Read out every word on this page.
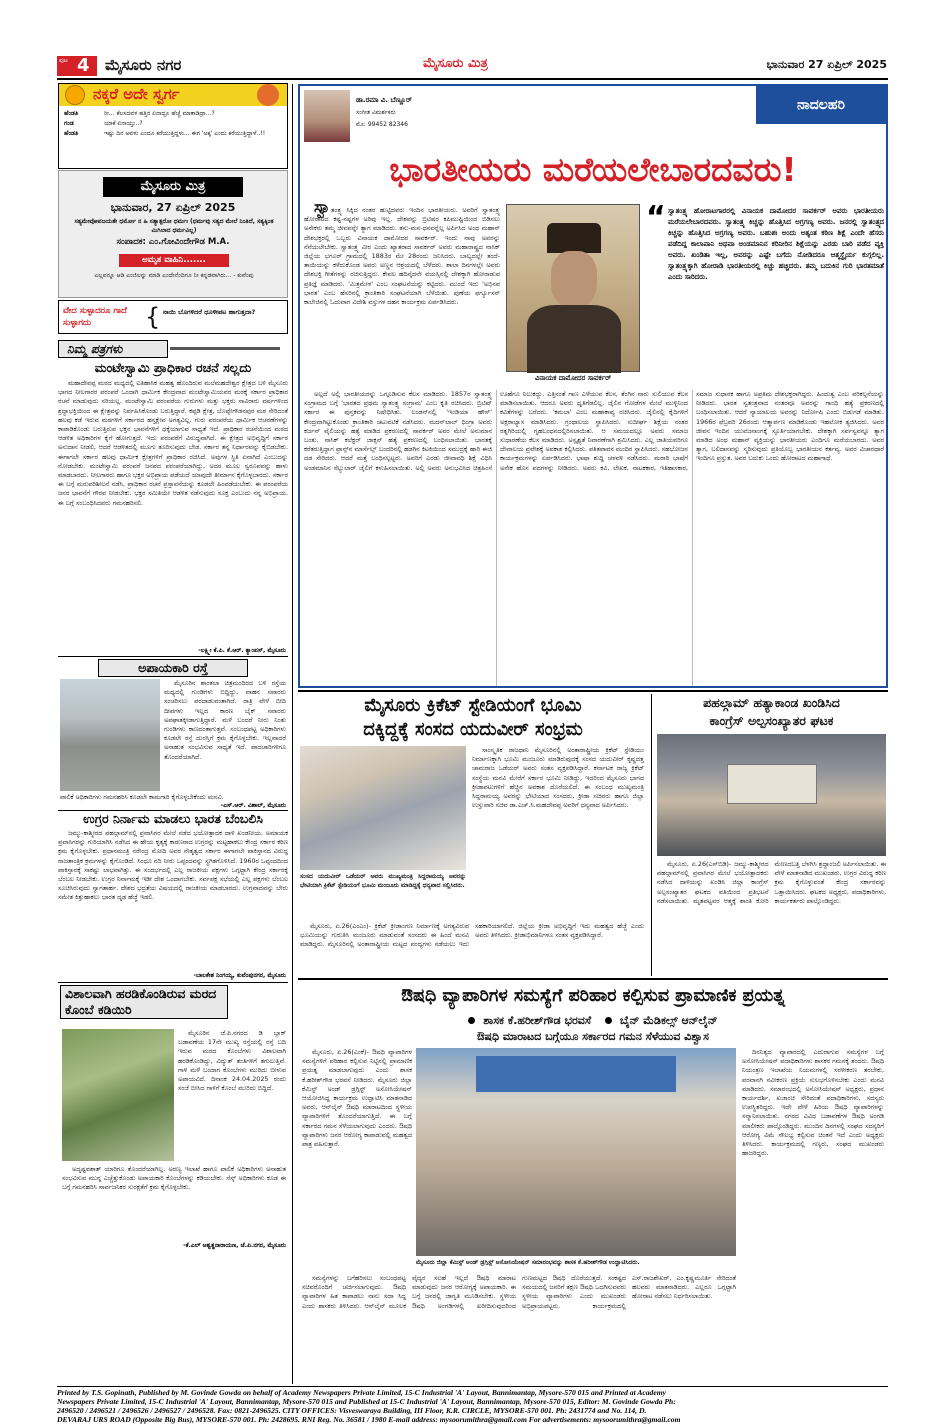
ಪುಟ 4 ಮೈಸೂರು ನಗರ	ಮೈಸೂರು ಮಿತ್ರ	ಭಾನುವಾರ 27 ಏಪ್ರಿಲ್ 2025
ನಕ್ಕರೆ ಅದೇ ಸ್ವರ್ಗ
ಹೆಂಡತಿ	ರೀ... ಕೆಲಸದವಳ ಹತ್ತಿರ ಏನಾದ್ರೂ ಹೆಚ್ಚೆ ಮಾತಾಡಿದ್ರಾ...?
ಗಂಡ	ಯಾಕೆ ಏನಾಯ್ತು..?
ಹೆಂಡತಿ	ಇಷ್ಟು ದಿನ ಅವಳು ಎಂದೂ ಕರೆಯುತ್ತಿದ್ದಳು... ಈಗ 'ಅಕ್ಕ' ಎಂದು ಕರೆಯುತ್ತಿದ್ದಾಳೆ..!!
ಮೈಸೂರು ಮಿತ್ರ
ಭಾನುವಾರ, 27 ಏಪ್ರಿಲ್ 2025
ಸತ್ಯಮೇವೋಪಜಯತೇ ಧರ್ಮೋ ನ ಹಿ ಸತ್ಯಾತ್ಪರೋ ಧರ್ಮಃ (ಧರ್ಮವು ಸತ್ಯದ ಮೇಲೆ ನಿಂತಿದೆ, ಸತ್ಯಕ್ಕಿಂತ ಮಿಗಿಲಾದ ಧರ್ಮವಿಲ್ಲ)
ಸಂಪಾದಕ: ಎಂ.ಗೋವಿಂದೇಗೌಡ M.A.
ಅಮೃತ ವಾಹಿನಿ.......
ಎಲ್ಲವನ್ನೂ ಆಡಿ ಎಂಜಿಲನ್ನು ಮಾಡಿ ಎಂದೇನೆಂದಿಗೂ ನೀ ಕನ್ನಡವಾಗಿರು... - ಕುವೆಂಪು
ವೇದ ಸುಳ್ಳಾದರೂ ಗಾದೆ ಸುಳ್ಳಾಗದು	{ ನಾಯಿ ಬೊಗಳಿದರೆ ಧೂಳೀಪಟ ಹಾಗುತ್ತದಾ?
ನಿಮ್ಮ ಪತ್ರಗಳು
ಮಂಟೇಸ್ವಾಮಿ ಪ್ರಾಧಿಕಾರ ರಚನೆ ಸಲ್ಲದು

ಮಹಾದೇವಪ್ಪ ಮಠದ ಮಧ್ಯದಲ್ಲಿ ಐತಿಹಾಸಿಕ ಮಹತ್ವ ಹೊಂದಿರುವ ಮಲೆಮಹದೇಶ್ವರ ಕ್ಷೇತ್ರದ ಬಳಿ ಮೈಸೂರು ಭಾಗದ ನೀಲಗಾರರ ಪರಂಪರೆ ಒಂದಾಗಿ ಧಾರ್ಮಿಕ ಕೇಂದ್ರವಾದ ಮಂಟೇಸ್ವಾಮಿಯವರ ಮಠಕ್ಕೆ ಸರ್ಕಾರ ಪ್ರಾಧಿಕಾರ ರಚನೆ ಮಾಡುವುದು ಸರಿಯಲ್ಲ. ಮಂಟೇಸ್ವಾಮಿ ಪರಂಪರೆಯ ಗುರುಗಳು ಮತ್ತು ಭಕ್ತರು ಸಾವಿರಾರು ವರ್ಷಗಳಿಂದ ಶ್ರದ್ಧಾಭಕ್ತಿಯಿಂದ ಈ ಕ್ಷೇತ್ರವನ್ನು ನಿರ್ವಹಿಸಿಕೊಂಡು ಬರುತ್ತಿದ್ದಾರೆ. ಕಪ್ಪಡಿ ಕ್ಷೇತ್ರ, ಬೊಪ್ಪೇಗೌಡನಪುರ ಮಠ ಸೇರಿದಂತೆ ಹಲವು ಕಡೆ ಇರುವ ಮಠಗಳಿಗೆ ಸರ್ಕಾರದ ಹಸ್ತಕ್ಷೇಪ ಅಗತ್ಯವಿಲ್ಲ. ಗುರು ಪರಂಪರೆಯ ಧಾರ್ಮಿಕ ಆಚರಣೆಗಳನ್ನು ಕಾಪಾಡಿಕೊಂಡು ಬರುತ್ತಿರುವ ಭಕ್ತರ ಭಾವನೆಗಳಿಗೆ ಧಕ್ಕೆಯಾಗುವ ಸಾಧ್ಯತೆ ಇದೆ. ಪ್ರಾಧಿಕಾರ ರಚನೆಯಿಂದ ಮಠದ ಆಡಳಿತ ಅಧಿಕಾರಿಗಳ ಕೈಗೆ ಹೋಗುತ್ತದೆ. ಇದು ಪರಂಪರೆಗೆ ವಿರುದ್ಧವಾಗಿದೆ. ಈ ಕ್ಷೇತ್ರದ ಅಭಿವೃದ್ಧಿಗೆ ಸರ್ಕಾರ ಅನುದಾನ ನೀಡಲಿ, ಆದರೆ ಆಡಳಿತದಲ್ಲಿ ಮೂಗು ತೂರಿಸುವುದು ಬೇಡ. ಸರ್ಕಾರ ತನ್ನ ನಿರ್ಧಾರವನ್ನು ಕೈಬಿಡಬೇಕು. ಈಗಾಗಲೇ ಸರ್ಕಾರ ಹಲವು ಧಾರ್ಮಿಕ ಕ್ಷೇತ್ರಗಳಿಗೆ ಪ್ರಾಧಿಕಾರ ರಚಿಸಿದೆ. ಅವುಗಳ ಸ್ಥಿತಿ ಏನಾಗಿದೆ ಎಂಬುದನ್ನು ನೋಡಬೇಕು. ಮಂಟೇಸ್ವಾಮಿ ಪರಂಪರೆ ಜನಪದ ಪರಂಪರೆಯಾಗಿದ್ದು, ಅದರ ಮೂಲ ಸ್ವರೂಪವನ್ನು ಹಾಳು ಮಾಡಬಾರದು. ನೀಲಗಾರರು ಹಾಗೂ ಭಕ್ತರ ಅಭಿಪ್ರಾಯ ಪಡೆಯದೆ ಯಾವುದೇ ತೀರ್ಮಾನ ಕೈಗೊಳ್ಳಬಾರದು. ಸರ್ಕಾರ ಈ ಬಗ್ಗೆ ಮರುಪರಿಶೀಲನೆ ನಡೆಸಿ, ಪ್ರಾಧಿಕಾರ ರಚನೆ ಪ್ರಸ್ತಾವನೆಯನ್ನು ಕೂಡಲೇ ಹಿಂಪಡೆಯಬೇಕು. ಈ ಪರಂಪರೆಯ ಜನರ ಭಾವನೆಗೆ ಗೌರವ ನೀಡಬೇಕು. ಭಕ್ತರ ಸಮಿತಿಯೇ ಆಡಳಿತ ನಡೆಸುವುದು ಸೂಕ್ತ ಎಂಬುದು ನನ್ನ ಅಭಿಪ್ರಾಯ. ಈ ಬಗ್ಗೆ ಸಂಬಂಧಿಸಿದವರು ಗಮನಹರಿಸಲಿ.

-ಲಕ್ಷ್ಮೀ ಕೆ.ಪಿ. ಕೆ.ಆರ್. ಕ್ಯಾಂಪಸ್, ಮೈಸೂರು
ಅಪಾಯಕಾರಿ ರಸ್ತೆ

ಮೈಸೂರಿನ ಶಾಂತಲಾ ಚಿತ್ರಮಂದಿರದ ಬಳಿ ರಸ್ತೆಯ ಮಧ್ಯದಲ್ಲಿ ಗುಂಡಿಗಳು ಬಿದ್ದಿದ್ದು, ವಾಹನ ಸವಾರರು ಸಂಚರಿಸಲು ಪರದಾಡುವಂತಾಗಿದೆ. ರಾತ್ರಿ ವೇಳೆ ಬೀದಿ ದೀಪಗಳು ಇಲ್ಲದ ಕಾರಣ ಬೈಕ್ ಸವಾರರು ಅಪಘಾತಕ್ಕೀಡಾಗುತ್ತಿದ್ದಾರೆ. ಮಳೆ ಬಂದರೆ ನೀರು ನಿಂತು ಗುಂಡಿಗಳು ಕಾಣದಂತಾಗುತ್ತವೆ. ಸಂಬಂಧಪಟ್ಟ ಅಧಿಕಾರಿಗಳು ಕೂಡಲೇ ರಸ್ತೆ ದುರಸ್ತಿಗೆ ಕ್ರಮ ಕೈಗೊಳ್ಳಬೇಕು. ಇಲ್ಲವಾದರೆ ಅನಾಹುತ ಸಂಭವಿಸುವ ಸಾಧ್ಯತೆ ಇದೆ. ಪಾದಚಾರಿಗಳಿಗೂ ತೊಂದರೆಯಾಗಿದೆ.

ಪಾಲಿಕೆ ಅಧಿಕಾರಿಗಳು ಗಮನಹರಿಸಿ ಕೂಡಲೇ ಕಾಮಗಾರಿ ಕೈಗೊಳ್ಳಬೇಕೆಂದು ಮನವಿ.
-ಎಸ್.ಆರ್. ವಿಶಾಲ್, ಮೈಸೂರು
ಉಗ್ರರ ನಿರ್ನಾಮ ಮಾಡಲು ಭಾರತ ಬೆಂಬಲಿಸಿ

ಜಮ್ಮು-ಕಾಶ್ಮೀರದ ಪಹಲ್ಗಾಮ್‌ನಲ್ಲಿ ಪ್ರವಾಸಿಗರ ಮೇಲೆ ನಡೆದ ಭಯೋತ್ಪಾದಕ ದಾಳಿ ಖಂಡನೀಯ. ಅಮಾಯಕ ಪ್ರವಾಸಿಗರನ್ನು ಗುರಿಯಾಗಿಸಿ ನಡೆಸಿದ ಈ ಹೇಯ ಕೃತ್ಯಕ್ಕೆ ಕಾರಣರಾದ ಉಗ್ರರನ್ನು ಮಟ್ಟಹಾಕಲು ಕೇಂದ್ರ ಸರ್ಕಾರ ಕಠಿಣ ಕ್ರಮ ಕೈಗೊಳ್ಳಬೇಕು. ಪ್ರಧಾನಮಂತ್ರಿ ನರೇಂದ್ರ ಮೋದಿ ಅವರ ನೇತೃತ್ವದ ಸರ್ಕಾರ ಈಗಾಗಲೇ ಪಾಕಿಸ್ತಾನದ ವಿರುದ್ಧ ರಾಜತಾಂತ್ರಿಕ ಕ್ರಮಗಳನ್ನು ಕೈಗೊಂಡಿದೆ. ಸಿಂಧೂ ನದಿ ನೀರು ಒಪ್ಪಂದವನ್ನು ಸ್ಥಗಿತಗೊಳಿಸಿದೆ. 1960ರ ಒಪ್ಪಂದದಿಂದ ಪಾಕಿಸ್ತಾನಕ್ಕೆ ಸಾಕಷ್ಟು ಲಾಭವಾಗಿತ್ತು. ಈ ಸಂದರ್ಭದಲ್ಲಿ ಎಲ್ಲ ರಾಜಕೀಯ ಪಕ್ಷಗಳು ಒಗ್ಗಟ್ಟಾಗಿ ಕೇಂದ್ರ ಸರ್ಕಾರಕ್ಕೆ ಬೆಂಬಲ ನೀಡಬೇಕು. ಉಗ್ರರ ನಿರ್ನಾಮಕ್ಕೆ ಇಡೀ ದೇಶ ಒಂದಾಗಬೇಕು. ಸರ್ವಪಕ್ಷ ಸಭೆಯಲ್ಲಿ ಎಲ್ಲ ಪಕ್ಷಗಳು ಬೆಂಬಲ ಸೂಚಿಸಿರುವುದು ಸ್ವಾಗತಾರ್ಹ. ದೇಶದ ಭದ್ರತೆಯ ವಿಷಯದಲ್ಲಿ ರಾಜಕೀಯ ಮಾಡಬಾರದು. ಉಗ್ರವಾದವನ್ನು ಬೇರು ಸಮೇತ ಕಿತ್ತುಹಾಕಲು ಭಾರತ ದೃಢ ಹೆಜ್ಜೆ ಇಡಲಿ.

-ಬಾಲಕೇಶ ನಿಂಗಯ್ಯ, ಕುವೆಂಪುನಗರ, ಮೈಸೂರು
ವಿಶಾಲವಾಗಿ ಹರಡಿಕೊಂಡಿರುವ ಮರದ ಕೊಂಬೆ ಕಡಿಯಿರಿ

ಮೈಸೂರಿನ ಜೆ.ಪಿ.ನಗರದ ಡಿ ಬ್ಲಾಕ್ ಬಡಾವಣೆಯ 17ನೇ ಮುಖ್ಯ ರಸ್ತೆಯಲ್ಲಿ ರಸ್ತೆ ಬದಿ ಇರುವ ಮರದ ಕೊಂಬೆಗಳು ವಿಶಾಲವಾಗಿ ಹರಡಿಕೊಂಡಿದ್ದು, ವಿದ್ಯುತ್ ತಂತಿಗಳಿಗೆ ತಗುಲುತ್ತಿವೆ. ಗಾಳಿ ಮಳೆ ಬಂದಾಗ ಕೊಂಬೆಗಳು ಮುರಿದು ಬೀಳುವ ಅಪಾಯವಿದೆ. ದಿನಾಂಕ 24.04.2025 ರಂದು ಸಂಜೆ ಬೀಸಿದ ಗಾಳಿಗೆ ಕೊಂಬೆ ಮುರಿದು ಬಿದ್ದಿದೆ.

ಅದೃಷ್ಟವಶಾತ್ ಯಾರಿಗೂ ತೊಂದರೆಯಾಗಿಲ್ಲ. ಅರಣ್ಯ ಇಲಾಖೆ ಹಾಗೂ ಪಾಲಿಕೆ ಅಧಿಕಾರಿಗಳು ಅನಾಹುತ ಸಂಭವಿಸುವ ಮುನ್ನ ಎಚ್ಚೆತ್ತುಕೊಂಡು ಅಪಾಯಕಾರಿ ಕೊಂಬೆಗಳನ್ನು ಕಡಿಯಬೇಕು. ಸೆಸ್ಕ್ ಅಧಿಕಾರಿಗಳು ಕೂಡ ಈ ಬಗ್ಗೆ ಗಮನಹರಿಸಿ ಸಾರ್ವಜನಿಕರ ಸುರಕ್ಷತೆಗೆ ಕ್ರಮ ಕೈಗೊಳ್ಳಬೇಕು.

-ಕೆ.ಎಲ್ ಅಶ್ವತ್ಥನಾರಾಯಣ, ಜೆ.ಪಿ.ನಗರ, ಮೈಸೂರು
ಡಾ.ರಮಾ ವಿ. ಬೆಣ್ಣೂರ್
ಸಂಗೀತ ವಿಮರ್ಶಕರು
ಮೊ: 99452 82346
ನಾದಲಹರಿ
ಭಾರತೀಯರು ಮರೆಯಲೇಬಾರದವರು!

ಸ್ವಾತಂತ್ರ್ಯ ಸಿಕ್ಕಿದ ನಂತರ ಹುಟ್ಟಿದವರು ಇಂದಿನ ಭಾರತೀಯರು. ಅವರಿಗೆ ಸ್ವಾತಂತ್ರ್ಯ ಹೋರಾಟದ ಕಷ್ಟ-ನಷ್ಟಗಳ ಅರಿವು ಇಲ್ಲ. ದೇಶವನ್ನು ಬ್ರಿಟಿಷರ ಕಪಿಮುಷ್ಟಿಯಿಂದ ಬಿಡಿಸಲು ಅನೇಕರು ತಮ್ಮ ಜೀವವನ್ನೇ ತ್ಯಾಗ ಮಾಡಿದರು. ತನು-ಮನ-ಧನವನ್ನೆಲ್ಲ ಅರ್ಪಿಸಿದ ಅಂಥ ಮಹಾನ್ ದೇಶಭಕ್ತರಲ್ಲಿ ಒಬ್ಬರು ವಿನಾಯಕ ದಾಮೋದರ ಸಾವರ್ಕರ್. ಇಂದು ನಾವು ಅವರನ್ನು ನೆನೆಯಲೇಬೇಕು. ಸ್ವಾತಂತ್ರ್ಯ ವೀರ ಎಂದು ಖ್ಯಾತರಾದ ಸಾವರ್ಕರ್ ಅವರು ಮಹಾರಾಷ್ಟ್ರದ ನಾಸಿಕ್ ಜಿಲ್ಲೆಯ ಭಗೂರ್ ಗ್ರಾಮದಲ್ಲಿ 1883ರ ಮೇ 28ರಂದು ಜನಿಸಿದರು. ಬಾಲ್ಯದಲ್ಲೇ ತಂದೆ-ತಾಯಿಯನ್ನು ಕಳೆದುಕೊಂಡ ಅವರು ಅಣ್ಣನ ಆಶ್ರಯದಲ್ಲಿ ಬೆಳೆದರು. ಶಾಲಾ ದಿನಗಳಲ್ಲೇ ಅವರು ದೇಶಭಕ್ತಿ ಗೀತೆಗಳನ್ನು ರಚಿಸುತ್ತಿದ್ದರು. ಕೇವಲ ಹದಿನೈದನೇ ವಯಸ್ಸಿನಲ್ಲಿ ದೇಶಕ್ಕಾಗಿ ಹೋರಾಡುವ ಪ್ರತಿಜ್ಞೆ ಮಾಡಿದರು. 'ಮಿತ್ರಮೇಳ' ಎಂಬ ಸಂಘಟನೆಯನ್ನು ಕಟ್ಟಿದರು. ಮುಂದೆ ಇದು 'ಅಭಿನವ ಭಾರತ' ಎಂಬ ಹೆಸರಿನಲ್ಲಿ ಕ್ರಾಂತಿಕಾರಿ ಸಂಘಟನೆಯಾಗಿ ಬೆಳೆಯಿತು. ಪುಣೆಯ ಫರ್ಗ್ಯೂಸನ್ ಕಾಲೇಜಿನಲ್ಲಿ ಓದುವಾಗ ವಿದೇಶಿ ವಸ್ತುಗಳ ದಹನ ಕಾರ್ಯಕ್ರಮ ಏರ್ಪಡಿಸಿದರು.

ವಿನಾಯಕ ದಾಮೋದರ ಸಾವರ್ಕರ್
“ ಸ್ವಾತಂತ್ರ್ಯ ಹೋರಾಟಗಾರರಲ್ಲಿ ವಿನಾಯಕ ದಾಮೋದರ ಸಾವರ್ಕರ್ ಅವರು ಭಾರತೀಯರು ಮರೆಯಲೇಬಾರದವರು. ಸ್ವಾತಂತ್ರ್ಯ ಕಿಚ್ಚನ್ನು ಹೊತ್ತಿಸಿದ ಅಗ್ರಗಣ್ಯ ಅವರು. ಜನರಲ್ಲಿ ಸ್ವಾತಂತ್ರ್ಯದ ಕಿಚ್ಚನ್ನು ಹೊತ್ತಿಸಿದ ಅಗ್ರಗಣ್ಯ ಅವರು. ಬಹುಶಃ ಅಂದು ಅತ್ಯಂತ ಕಠಿಣ ಶಿಕ್ಷೆ ಎಂದೇ ಹೆಸರು ಪಡೆದಿದ್ದ ಕಾಲಾಪಾನಿ ಅಥವಾ ಅಂಡಮಾನಿನ ಕರಿನೀರಿನ ಶಿಕ್ಷೆಯನ್ನು ಎರಡು ಬಾರಿ ಪಡೆದ ವ್ಯಕ್ತಿ ಅವರು. ಖಂಡಿತಾ ಇಲ್ಲ, ಅವರನ್ನು ಎಷ್ಟೇ ಬಗೆದು ನೋಡಿದರೂ ಆತ್ಮಸ್ಥೈರ್ಯ ಕುಗ್ಗಲಿಲ್ಲ. ಸ್ವಾತಂತ್ರ್ಯಕ್ಕಾಗಿ ಹೋರಾಡಿ ಭಾರತೀಯರಲ್ಲಿ ಕಿಚ್ಚು ಹಚ್ಚಿದರು. ತಮ್ಮ ಬದುಕಿನ ಗುರಿ ಭಾರತಮಾತೆ ಎಂದು ಸಾರಿದರು.

ಅಲ್ಲದೆ ಅಲ್ಲಿ ಭಾರತೀಯರನ್ನು ಒಗ್ಗೂಡಿಸುವ ಕೆಲಸ ಮಾಡಿದರು. 1857ರ ಸ್ವಾತಂತ್ರ್ಯ ಸಂಗ್ರಾಮದ ಬಗ್ಗೆ 'ಭಾರತದ ಪ್ರಥಮ ಸ್ವಾತಂತ್ರ್ಯ ಸಂಗ್ರಾಮ' ಎಂಬ ಕೃತಿ ರಚಿಸಿದರು. ಬ್ರಿಟಿಷ್ ಸರ್ಕಾರ ಈ ಪುಸ್ತಕವನ್ನು ನಿಷೇಧಿಸಿತು. ಲಂಡನ್‌ನಲ್ಲಿ 'ಇಂಡಿಯಾ ಹೌಸ್' ಕೇಂದ್ರವಾಗಿಟ್ಟುಕೊಂಡು ಕ್ರಾಂತಿಕಾರಿ ಚಟುವಟಿಕೆ ನಡೆಸಿದರು. ಮದನ್‌ಲಾಲ್ ಧಿಂಗ್ರಾ ಅವರು ಕರ್ಜನ್ ವೈಲಿಯನ್ನು ಹತ್ಯೆ ಮಾಡಿದ ಪ್ರಕರಣದಲ್ಲಿ ಸಾವರ್ಕರ್ ಅವರ ಮೇಲೆ ಅನುಮಾನ ಬಂತು. ನಾಸಿಕ್ ಕಲೆಕ್ಟರ್ ಜಾಕ್ಸನ್ ಹತ್ಯೆ ಪ್ರಕರಣದಲ್ಲಿ ಬಂಧಿಸಲಾಯಿತು. ಭಾರತಕ್ಕೆ ಕರೆತರುತ್ತಿದ್ದಾಗ ಫ್ರಾನ್ಸ್‌ನ ಮಾರ್ಸೆಲ್ಸ್ ಬಂದರಿನಲ್ಲಿ ಹಡಗಿನ ಕಿಟಕಿಯಿಂದ ಸಮುದ್ರಕ್ಕೆ ಹಾರಿ ಈಜಿ ದಡ ಸೇರಿದರು. ಆದರೆ ಮತ್ತೆ ಬಂಧಿಸಲ್ಪಟ್ಟರು. ಅವರಿಗೆ ಎರಡು ಜೀವಾವಧಿ ಶಿಕ್ಷೆ ವಿಧಿಸಿ ಅಂಡಮಾನಿನ ಸೆಲ್ಯುಲಾರ್ ಜೈಲಿಗೆ ಕಳುಹಿಸಲಾಯಿತು. ಅಲ್ಲಿ ಅವರು ಅನುಭವಿಸಿದ ಚಿತ್ರಹಿಂಸೆ ಊಹೆಗೂ ನಿಲುಕದ್ದು. ಎತ್ತಿನಂತೆ ಗಾಣ ಎಳೆಯುವ ಕೆಲಸ, ತೆಂಗಿನ ನಾರು ಸುಲಿಯುವ ಕೆಲಸ ಮಾಡಿಸಲಾಯಿತು. ಆದರೂ ಅವರು ಧೃತಿಗೆಡಲಿಲ್ಲ. ಜೈಲಿನ ಗೋಡೆಗಳ ಮೇಲೆ ಮುಳ್ಳಿನಿಂದ ಕವಿತೆಗಳನ್ನು ಬರೆದರು. 'ಕಮಲಾ' ಎಂಬ ಮಹಾಕಾವ್ಯ ರಚಿಸಿದರು. ಜೈಲಿನಲ್ಲಿ ಕೈದಿಗಳಿಗೆ ಅಕ್ಷರಾಭ್ಯಾಸ ಮಾಡಿಸಿದರು. ಗ್ರಂಥಾಲಯ ಸ್ಥಾಪಿಸಿದರು. ಸುದೀರ್ಘ ಶಿಕ್ಷೆಯ ನಂತರ ರತ್ನಗಿರಿಯಲ್ಲಿ ಗೃಹಬಂಧನದಲ್ಲಿರಿಸಲಾಯಿತು. ಆ ಸಮಯದಲ್ಲೂ ಅವರು ಸಮಾಜ ಸುಧಾರಣೆಯ ಕೆಲಸ ಮಾಡಿದರು. ಅಸ್ಪೃಶ್ಯತೆ ನಿವಾರಣೆಗಾಗಿ ಶ್ರಮಿಸಿದರು. ಎಲ್ಲ ಜಾತಿಯವರಿಗೂ ದೇವಾಲಯ ಪ್ರವೇಶಕ್ಕೆ ಅವಕಾಶ ಕಲ್ಪಿಸಿದರು. ಪತಿತಪಾವನ ಮಂದಿರ ಸ್ಥಾಪಿಸಿದರು. ಸಹಭೋಜನ ಕಾರ್ಯಕ್ರಮಗಳನ್ನು ಏರ್ಪಡಿಸಿದರು. ಭಾಷಾ ಶುದ್ಧಿ ಚಳವಳಿ ನಡೆಸಿದರು. ಮರಾಠಿ ಭಾಷೆಗೆ ಅನೇಕ ಹೊಸ ಪದಗಳನ್ನು ನೀಡಿದರು. ಅವರು ಕವಿ, ಲೇಖಕ, ನಾಟಕಕಾರ, ಇತಿಹಾಸಕಾರ, ಸಮಾಜ ಸುಧಾರಕ ಹಾಗೂ ಅಪ್ರತಿಮ ದೇಶಭಕ್ತರಾಗಿದ್ದರು. ಹಿಂದುತ್ವ ಎಂಬ ಪರಿಕಲ್ಪನೆಯನ್ನು ನೀಡಿದರು. ಭಾರತ ಸ್ವತಂತ್ರವಾದ ನಂತರವೂ ಅವರನ್ನು ಗಾಂಧಿ ಹತ್ಯೆ ಪ್ರಕರಣದಲ್ಲಿ ಬಂಧಿಸಲಾಯಿತು. ಆದರೆ ನ್ಯಾಯಾಲಯ ಅವರನ್ನು ನಿರ್ದೋಷಿ ಎಂದು ಬಿಡುಗಡೆ ಮಾಡಿತು. 1966ರ ಫೆಬ್ರವರಿ 26ರಂದು ಆತ್ಮಾರ್ಪಣ ಮಾಡಿಕೊಂಡು ಇಹಲೋಕ ತ್ಯಜಿಸಿದರು. ಅವರ ಜೀವನ ಇಂದಿನ ಯುವಜನಾಂಗಕ್ಕೆ ಸ್ಫೂರ್ತಿಯಾಗಬೇಕು. ದೇಶಕ್ಕಾಗಿ ಸರ್ವಸ್ವವನ್ನೂ ತ್ಯಾಗ ಮಾಡಿದ ಅಂಥ ಮಹಾನ್ ವ್ಯಕ್ತಿಯನ್ನು ಭಾರತೀಯರು ಎಂದಿಗೂ ಮರೆಯಬಾರದು. ಅವರ ತ್ಯಾಗ, ಬಲಿದಾನವನ್ನು ಸ್ಮರಿಸುವುದು ಪ್ರತಿಯೊಬ್ಬ ಭಾರತೀಯನ ಕರ್ತವ್ಯ. ಅವರ ವಿಚಾರಧಾರೆ ಇಂದಿಗೂ ಪ್ರಸ್ತುತ. ಅವರ ಬದುಕು ಒಂದು ಹೋರಾಟದ ಮಹಾಗಾಥೆ.

ಮೈಸೂರು ಕ್ರಿಕೆಟ್ ಸ್ಟೇಡಿಯಂಗೆ ಭೂಮಿ
ದಕ್ಕಿದ್ದಕ್ಕೆ ಸಂಸದ ಯದುವೀರ್ ಸಂಭ್ರಮ
ಸಂಸದ ಯದುವೀರ್ ಒಡೆಯರ್ ಅವರು ಮುಖ್ಯಮಂತ್ರಿ ಸಿದ್ದರಾಮಯ್ಯ ಅವರನ್ನು ಭೇಟಿಯಾಗಿ ಕ್ರಿಕೆಟ್ ಸ್ಟೇಡಿಯಂಗೆ ಭೂಮಿ ಮಂಜೂರು ಮಾಡಿದ್ದಕ್ಕೆ ಧನ್ಯವಾದ ಸಲ್ಲಿಸಿದರು.

ಸಾಂಸ್ಕೃತಿಕ ರಾಜಧಾನಿ ಮೈಸೂರಿನಲ್ಲಿ ಅಂತಾರಾಷ್ಟ್ರೀಯ ಕ್ರಿಕೆಟ್ ಸ್ಟೇಡಿಯಂ ನಿರ್ಮಾಣಕ್ಕಾಗಿ ಭೂಮಿ ಮಂಜೂರು ಮಾಡಿರುವುದಕ್ಕೆ ಸಂಸದ ಯದುವೀರ್ ಕೃಷ್ಣದತ್ತ ಚಾಮರಾಜ ಒಡೆಯರ್ ಅವರು ಸಂತಸ ವ್ಯಕ್ತಪಡಿಸಿದ್ದಾರೆ. ಕರ್ನಾಟಕ ರಾಜ್ಯ ಕ್ರಿಕೆಟ್ ಸಂಸ್ಥೆಯ ಮನವಿ ಮೇರೆಗೆ ಸರ್ಕಾರ ಭೂಮಿ ನೀಡಿದ್ದು, ಇದರಿಂದ ಮೈಸೂರು ಭಾಗದ ಕ್ರೀಡಾಪಟುಗಳಿಗೆ ಹೆಚ್ಚಿನ ಅವಕಾಶ ದೊರೆಯಲಿದೆ. ಈ ಸಂಬಂಧ ಮುಖ್ಯಮಂತ್ರಿ ಸಿದ್ದರಾಮಯ್ಯ ಅವರನ್ನು ಭೇಟಿಯಾದ ಸಂಸದರು, ಕ್ರೀಡಾ ಸಚಿವರು ಹಾಗೂ ಜಿಲ್ಲಾ ಉಸ್ತುವಾರಿ ಸಚಿವ ಡಾ.ಎಚ್.ಸಿ.ಮಹದೇವಪ್ಪ ಅವರಿಗೆ ಧನ್ಯವಾದ ಅರ್ಪಿಸಿದರು.

ಮೈಸೂರು, ಏ.26(ಎಂಎಂ)- ಕ್ರಿಕೆಟ್ ಕ್ರೀಡಾಂಗಣ ನಿರ್ಮಾಣಕ್ಕೆ ಅಗತ್ಯವಿರುವ ಭೂಮಿಯನ್ನು ಗುರುತಿಸಿ ಮಂಜೂರು ಮಾಡುವಂತೆ ಸಂಸದರು ಈ ಹಿಂದೆ ಮನವಿ ಮಾಡಿದ್ದರು. ಮೈಸೂರಿನಲ್ಲಿ ಅಂತಾರಾಷ್ಟ್ರೀಯ ಮಟ್ಟದ ಪಂದ್ಯಗಳು ನಡೆಯಲು ಇದು ಸಹಕಾರಿಯಾಗಲಿದೆ. ಜಿಲ್ಲೆಯ ಕ್ರೀಡಾ ಅಭಿವೃದ್ಧಿಗೆ ಇದು ಮಹತ್ವದ ಹೆಜ್ಜೆ ಎಂದು ಅವರು ತಿಳಿಸಿದರು. ಕ್ರೀಡಾಭಿಮಾನಿಗಳೂ ಸಂತಸ ವ್ಯಕ್ತಪಡಿಸಿದ್ದಾರೆ.

ಪಹಲ್ಗಾಮ್ ಹತ್ಯಾಕಾಂಡ ಖಂಡಿಸಿದ
ಕಾಂಗ್ರೆಸ್ ಅಲ್ಪಸಂಖ್ಯಾತರ ಘಟಕ

ಮೈಸೂರು, ಏ.26(ಎಸ್‌ಬಿಡಿ)- ಜಮ್ಮು-ಕಾಶ್ಮೀರದ ಪಹಲ್ಗಾಮ್‌ನಲ್ಲಿ ಪ್ರವಾಸಿಗರ ಮೇಲೆ ಭಯೋತ್ಪಾದಕರು ನಡೆಸಿದ ದಾಳಿಯನ್ನು ಖಂಡಿಸಿ ಜಿಲ್ಲಾ ಕಾಂಗ್ರೆಸ್ ಅಲ್ಪಸಂಖ್ಯಾತರ ಘಟಕದ ವತಿಯಿಂದ ಪ್ರತಿಭಟನೆ ನಡೆಸಲಾಯಿತು. ಮೃತಪಟ್ಟವರ ಆತ್ಮಕ್ಕೆ ಶಾಂತಿ ಕೋರಿ ಮೇಣದಬತ್ತಿ ಬೆಳಗಿಸಿ ಶ್ರದ್ಧಾಂಜಲಿ ಅರ್ಪಿಸಲಾಯಿತು. ಈ ವೇಳೆ ಮಾತನಾಡಿದ ಮುಖಂಡರು, ಉಗ್ರರ ವಿರುದ್ಧ ಕಠಿಣ ಕ್ರಮ ಕೈಗೊಳ್ಳುವಂತೆ ಕೇಂದ್ರ ಸರ್ಕಾರವನ್ನು ಒತ್ತಾಯಿಸಿದರು. ಘಟಕದ ಅಧ್ಯಕ್ಷರು, ಪದಾಧಿಕಾರಿಗಳು, ಕಾರ್ಯಕರ್ತರು ಪಾಲ್ಗೊಂಡಿದ್ದರು.

ಔಷಧಿ ವ್ಯಾಪಾರಿಗಳ ಸಮಸ್ಯೆಗೆ ಪರಿಹಾರ ಕಲ್ಪಿಸುವ ಪ್ರಾಮಾಣಿಕ ಪ್ರಯತ್ನ
ಶಾಸಕ ಕೆ.ಹರೀಶ್‌ಗೌಡ ಭರವಸೆ	ಬೈನ್ ಮೆಡಿಕಲ್ಸ್ ಆನ್‌ಲೈನ್
ಔಷಧಿ ಮಾರಾಟದ ಬಗ್ಗೆಯೂ ಸರ್ಕಾರದ ಗಮನ ಸೆಳೆಯುವ ವಿಶ್ವಾಸ

ಮೈಸೂರು, ಏ.26(ಎಂಕೆ)- ಔಷಧಿ ವ್ಯಾಪಾರಿಗಳ ಸಮಸ್ಯೆಗಳಿಗೆ ಪರಿಹಾರ ಕಲ್ಪಿಸುವ ನಿಟ್ಟಿನಲ್ಲಿ ಪ್ರಾಮಾಣಿಕ ಪ್ರಯತ್ನ ಮಾಡಲಾಗುವುದು ಎಂದು ಶಾಸಕ ಕೆ.ಹರೀಶ್‌ಗೌಡ ಭರವಸೆ ನೀಡಿದರು. ಮೈಸೂರು ಜಿಲ್ಲಾ ಕೆಮಿಸ್ಟ್ ಅಂಡ್ ಡ್ರಗ್ಗಿಸ್ಟ್ ಅಸೋಸಿಯೇಷನ್ ಆಯೋಜಿಸಿದ್ದ ಕಾರ್ಯಕ್ರಮ ಉದ್ಘಾಟಿಸಿ ಮಾತನಾಡಿದ ಅವರು, ಆನ್‌ಲೈನ್ ಔಷಧಿ ಮಾರಾಟದಿಂದ ಸ್ಥಳೀಯ ವ್ಯಾಪಾರಿಗಳಿಗೆ ತೊಂದರೆಯಾಗುತ್ತಿದೆ. ಈ ಬಗ್ಗೆ ಸರ್ಕಾರದ ಗಮನ ಸೆಳೆಯಲಾಗುವುದು ಎಂದರು. ಔಷಧಿ ವ್ಯಾಪಾರಿಗಳು ಜನರ ಆರೋಗ್ಯ ಕಾಪಾಡುವಲ್ಲಿ ಮಹತ್ವದ ಪಾತ್ರ ವಹಿಸುತ್ತಾರೆ.

ಮೈಸೂರು ಜಿಲ್ಲಾ ಕೆಮಿಸ್ಟ್ ಅಂಡ್ ಡ್ರಗ್ಗಿಸ್ಟ್ ಅಸೋಸಿಯೇಷನ್ ಸಮಾರಂಭವನ್ನು ಶಾಸಕ ಕೆ.ಹರೀಶ್‌ಗೌಡ ಉದ್ಘಾಟಿಸಿದರು.

ದಿನನಿತ್ಯದ ವ್ಯಾಪಾರದಲ್ಲಿ ಎದುರಾಗುವ ಸಮಸ್ಯೆಗಳ ಬಗ್ಗೆ ಅಸೋಸಿಯೇಷನ್ ಪದಾಧಿಕಾರಿಗಳು ಶಾಸಕರ ಗಮನಕ್ಕೆ ತಂದರು. ಔಷಧಿ ನಿಯಂತ್ರಣ ಇಲಾಖೆಯ ನಿಯಮಗಳಲ್ಲಿ ಸರಳೀಕರಣ ತರಬೇಕು, ಪರವಾನಗಿ ನವೀಕರಣ ಪ್ರಕ್ರಿಯೆ ಸುಲಭಗೊಳಿಸಬೇಕು ಎಂದು ಮನವಿ ಮಾಡಿದರು. ಸಮಾರಂಭದಲ್ಲಿ ಅಸೋಸಿಯೇಷನ್ ಅಧ್ಯಕ್ಷರು, ಪ್ರಧಾನ ಕಾರ್ಯದರ್ಶಿ, ಖಜಾಂಚಿ ಸೇರಿದಂತೆ ಪದಾಧಿಕಾರಿಗಳು, ಸದಸ್ಯರು ಉಪಸ್ಥಿತರಿದ್ದರು. ಇದೇ ವೇಳೆ ಹಿರಿಯ ಔಷಧಿ ವ್ಯಾಪಾರಿಗಳನ್ನು ಸನ್ಮಾನಿಸಲಾಯಿತು. ನಗರದ ವಿವಿಧ ಬಡಾವಣೆಗಳ ಔಷಧಿ ಅಂಗಡಿ ಮಾಲೀಕರು ಪಾಲ್ಗೊಂಡಿದ್ದರು. ಮುಂದಿನ ದಿನಗಳಲ್ಲಿ ಸಂಘದ ಸದಸ್ಯರಿಗೆ ಆರೋಗ್ಯ ವಿಮೆ ಸೌಲಭ್ಯ ಕಲ್ಪಿಸುವ ಚಿಂತನೆ ಇದೆ ಎಂದು ಅಧ್ಯಕ್ಷರು ತಿಳಿಸಿದರು. ಕಾರ್ಯಕ್ರಮದಲ್ಲಿ ಗಣ್ಯರು, ಸಂಘದ ಮುಖಂಡರು ಹಾಜರಿದ್ದರು.

ಸಮಸ್ಯೆಗಳನ್ನು ಬಗೆಹರಿಸಲು ಸಂಬಂಧಪಟ್ಟ ಸಚಿವರೊಂದಿಗೆ ಚರ್ಚಿಸಲಾಗುವುದು. ಔಷಧಿ ವ್ಯಾಪಾರಿಗಳ ಹಿತ ಕಾಪಾಡಲು ನಾನು ಸದಾ ಸಿದ್ಧ ಎಂದು ಶಾಸಕರು ತಿಳಿಸಿದರು. ಆನ್‌ಲೈನ್ ಮೂಲಕ ವೈದ್ಯರ ಸಲಹೆ ಇಲ್ಲದೆ ಔಷಧಿ ಮಾರಾಟ ಮಾಡುವುದು ಜನರ ಆರೋಗ್ಯಕ್ಕೆ ಅಪಾಯಕಾರಿ. ಈ ಬಗ್ಗೆ ಜನರಲ್ಲಿ ಜಾಗೃತಿ ಮೂಡಿಸಬೇಕು. ಸ್ಥಳೀಯ ಔಷಧಿ ಅಂಗಡಿಗಳಲ್ಲಿ ಖರೀದಿಸುವುದರಿಂದ ಗುಣಮಟ್ಟದ ಔಷಧಿ ದೊರೆಯುತ್ತದೆ. ಸಂಕಷ್ಟದ ಸಮಯದಲ್ಲಿ ಜನರಿಗೆ ತಕ್ಷಣ ಔಷಧಿ ಒದಗಿಸುವವರು ಸ್ಥಳೀಯ ವ್ಯಾಪಾರಿಗಳು ಎಂದು ಮುಖಂಡರು ಅಭಿಪ್ರಾಯಪಟ್ಟರು. ಕಾರ್ಯಕ್ರಮದಲ್ಲಿ ಎಸ್.ರಾಜಶೇಖರ್, ಎಂ.ಕೃಷ್ಣಮೂರ್ತಿ ಸೇರಿದಂತೆ ಹಲವರು ಮಾತನಾಡಿದರು. ಎಲ್ಲರೂ ಒಗ್ಗಟ್ಟಾಗಿ ಹೋರಾಟ ನಡೆಸಲು ನಿರ್ಧರಿಸಲಾಯಿತು.

Printed by T.S. Gopinath, Published by M. Govinde Gowda on behalf of Academy Newspapers Private Limited, 15-C Industrial 'A' Layout, Bannimantap, Mysore-570 015 and Printed at Academy
Newspapers Private Limited, 15-C Industrial 'A' Layout, Bannimantap, Mysore-570 015 and Published at 15-C Industrial 'A' Layout, Bannimantap, Mysore-570 015, Editor: M. Govinde Gowda Ph:
2496520 / 2496521 / 2496526 / 2496527 / 2496528. Fax: 0821-2496525. CITY OFFICES: Visveswaraya Building, III Floor, K.R. CIRCLE, MYSORE-570 001. Ph: 2431774 and No. 114, D.
DEVARAJ URS ROAD (Opposite Big Bus), MYSORE-570 001. Ph: 2428695. RNI Reg. No. 36581 / 1980 E-mail address: mysoorumithra@gmail.com For advertisements: mysoorumithra@gmail.com
